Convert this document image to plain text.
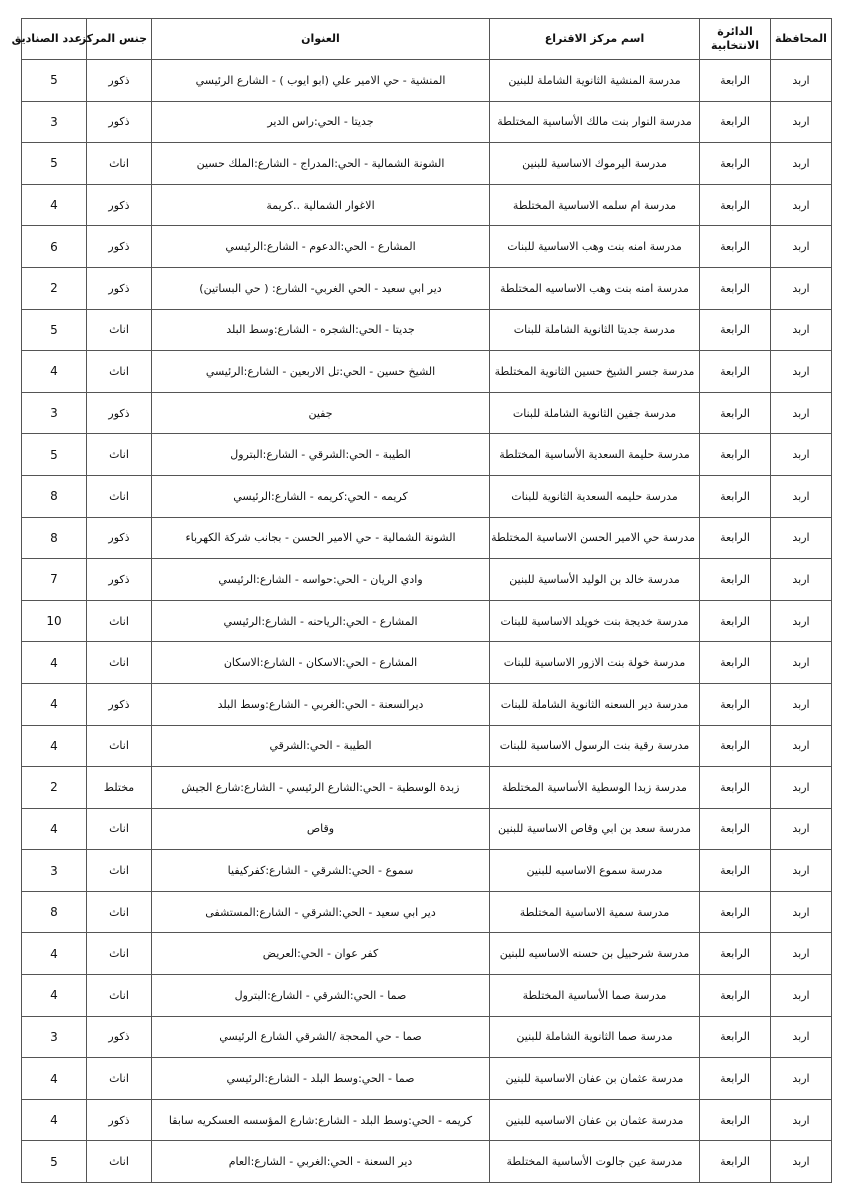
المحافظة	الدائرة الانتخابية	اسم مركز الاقتراع	العنوان	جنس المركز	عدد الصناديق
اربد	الرابعة	مدرسة المنشية الثانوية الشاملة للبنين	المنشية - حي الامير علي (ابو ايوب ) - الشارع الرئيسي	ذكور	5
اربد	الرابعة	مدرسة النوار بنت مالك الأساسية المختلطة	جديتا - الحي:راس الدير	ذكور	3
اربد	الرابعة	مدرسة اليرموك الاساسية للبنين	الشونة الشمالية - الحي:المدراج - الشارع:الملك حسين	اناث	5
اربد	الرابعة	مدرسة ام سلمه الاساسية المختلطة	الاغوار الشمالية ..كريمة	ذكور	4
اربد	الرابعة	مدرسة امنه بنت وهب الاساسية للبنات	المشارع - الحي:الدعوم - الشارع:الرئيسي	ذكور	6
اربد	الرابعة	مدرسة امنه بنت وهب الاساسيه المختلطة	دير ابي سعيد - الحي الغربي- الشارع: ( حي البساتين)	ذكور	2
اربد	الرابعة	مدرسة جديتا الثانوية الشاملة للبنات	جديتا - الحي:الشجره - الشارع:وسط البلد	اناث	5
اربد	الرابعة	مدرسة جسر الشيخ حسين الثانوية المختلطة	الشيخ حسين - الحي:تل الاربعين - الشارع:الرئيسي	اناث	4
اربد	الرابعة	مدرسة جفين الثانوية الشاملة للبنات	جفين	ذكور	3
اربد	الرابعة	مدرسة حليمة السعدية الأساسية المختلطة	الطيبة - الحي:الشرقي - الشارع:البترول	اناث	5
اربد	الرابعة	مدرسة حليمه السعدية الثانوية للبنات	كريمه - الحي:كريمه - الشارع:الرئيسي	اناث	8
اربد	الرابعة	مدرسة حي الامير الحسن الاساسية المختلطة	الشونة الشمالية - حي الامير الحسن - بجانب شركة الكهرباء	ذكور	8
اربد	الرابعة	مدرسة خالد بن الوليد الأساسية للبنين	وادي الريان - الحي:حواسه - الشارع:الرئيسي	ذكور	7
اربد	الرابعة	مدرسة خديجة بنت خويلد الاساسية للبنات	المشارع - الحي:الرياحنه - الشارع:الرئيسي	اناث	10
اربد	الرابعة	مدرسة خولة بنت الازور الاساسية للبنات	المشارع - الحي:الاسكان - الشارع:الاسكان	اناث	4
اربد	الرابعة	مدرسة دير السعنه الثانوية الشاملة للبنات	ديرالسعنة - الحي:الغربي - الشارع:وسط البلد	ذكور	4
اربد	الرابعة	مدرسة رقية بنت الرسول الاساسية للبنات	الطيبة - الحي:الشرقي	اناث	4
اربد	الرابعة	مدرسة زبدا الوسطية الأساسية المختلطة	زبدة الوسطية - الحي:الشارع الرئيسي - الشارع:شارع الجيش	مختلط	2
اربد	الرابعة	مدرسة سعد بن ابي وقاص الاساسية للبنين	وقاص	اناث	4
اربد	الرابعة	مدرسة سموع الاساسيه للبنين	سموع - الحي:الشرقي - الشارع:كفركيفيا	اناث	3
اربد	الرابعة	مدرسة سمية الاساسية المختلطة	دير ابي سعيد - الحي:الشرقي - الشارع:المستشفى	اناث	8
اربد	الرابعة	مدرسة شرحبيل بن حسنه الاساسيه للبنين	كفر عوان - الحي:العريض	اناث	4
اربد	الرابعة	مدرسة صما الأساسية المختلطة	صما - الحي:الشرقي - الشارع:البترول	اناث	4
اربد	الرابعة	مدرسة صما الثانوية الشاملة للبنين	صما - حي المحجة /الشرقي الشارع الرئيسي	ذكور	3
اربد	الرابعة	مدرسة عثمان بن عفان الاساسية للبنين	صما - الحي:وسط البلد - الشارع:الرئيسي	اناث	4
اربد	الرابعة	مدرسة عثمان بن عفان الاساسيه للبنين	كريمه - الحي:وسط البلد - الشارع:شارع المؤسسه العسكريه سابقا	ذكور	4
اربد	الرابعة	مدرسة عين جالوت الأساسية المختلطة	دير السعنة - الحي:الغربي - الشارع:العام	اناث	5
